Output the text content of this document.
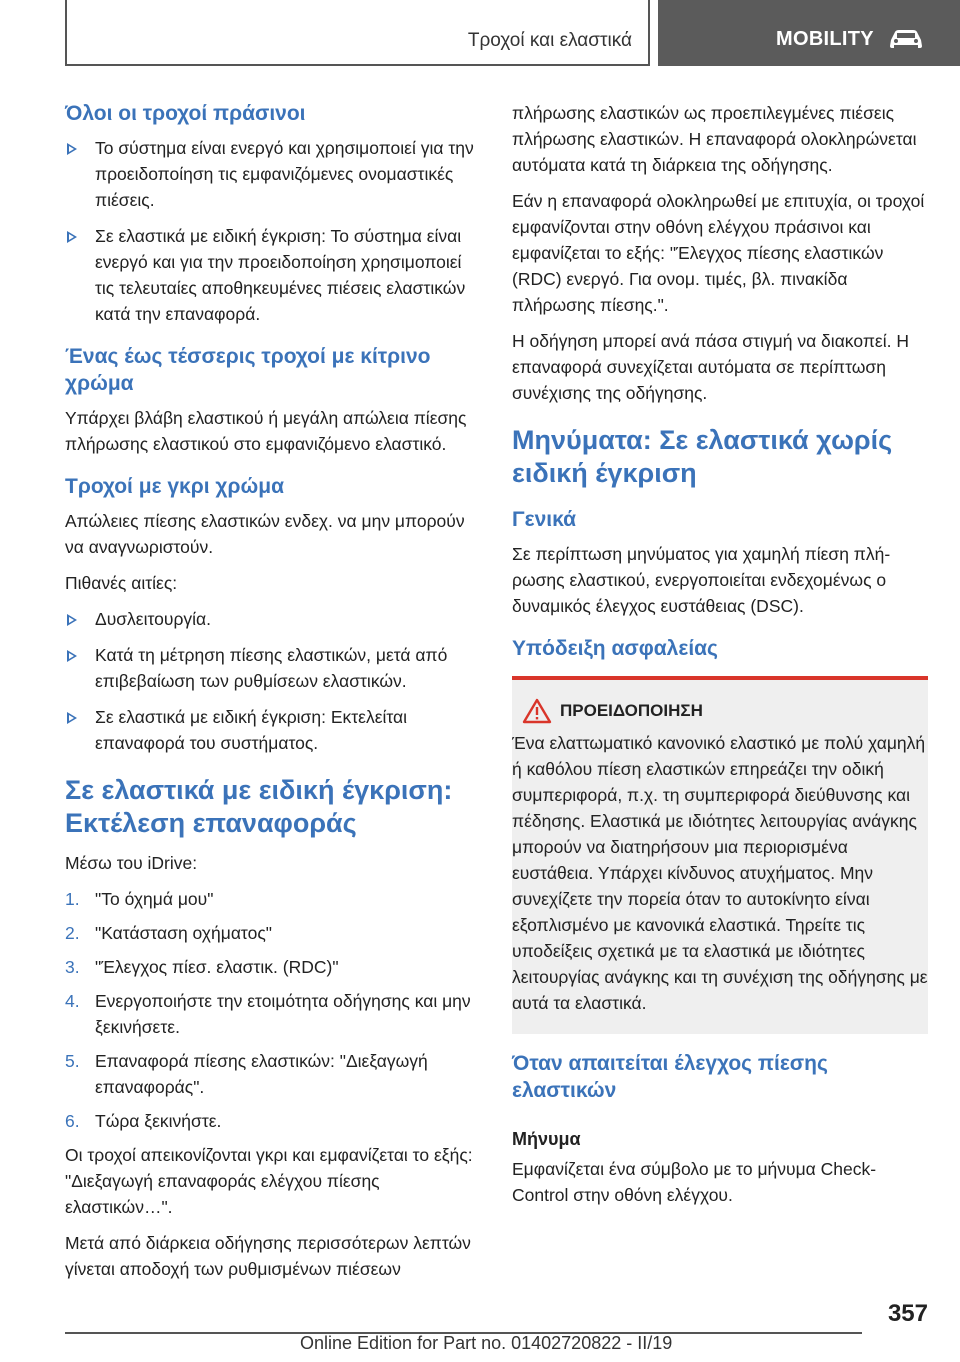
Τροχοί και ελαστικά	MOBILITY
Όλοι οι τροχοί πράσινοι
Το σύστημα είναι ενεργό και χρησιμοποιεί για την προειδοποίηση τις εμφανιζόμενες ονομαστικές πιέσεις.
Σε ελαστικά με ειδική έγκριση: Το σύστημα είναι ενεργό και για την προειδοποίηση χρησιμοποιεί τις τελευταίες αποθηκευμένες πιέσεις ελαστικών κατά την επαναφορά.
Ένας έως τέσσερις τροχοί με κίτρινο χρώμα

Υπάρχει βλάβη ελαστικού ή μεγάλη απώλεια πίεσης πλήρωσης ελαστικού στο εμφανιζόμενο ελαστικό.

Τροχοί με γκρι χρώμα

Απώλειες πίεσης ελαστικών ενδεχ. να μην μπορούν να αναγνωριστούν.

Πιθανές αιτίες:

Δυσλειτουργία.
Κατά τη μέτρηση πίεσης ελαστικών, μετά από επιβεβαίωση των ρυθμίσεων ελαστικών.
Σε ελαστικά με ειδική έγκριση: Εκτελείται επαναφορά του συστήματος.
Σε ελαστικά με ειδική έγκριση: Εκτέλεση επαναφοράς

Μέσω του iDrive:

1. "Το όχημά μου"
2. "Κατάσταση οχήματος"
3. "Έλεγχος πίεσ. ελαστικ. (RDC)"
4. Ενεργοποιήστε την ετοιμότητα οδήγησης και μην ξεκινήσετε.
5. Επαναφορά πίεσης ελαστικών: "Διεξαγωγή επαναφοράς".
6. Τώρα ξεκινήστε.

Οι τροχοί απεικονίζονται γκρι και εμφανίζεται το εξής: "Διεξαγωγή επαναφοράς ελέγχου πίεσης ελαστικών…".

Μετά από διάρκεια οδήγησης περισσότερων λεπτών γίνεται αποδοχή των ρυθμισμένων πιέσεων

πλήρωσης ελαστικών ως προεπιλεγμένες πιέσεις πλήρωσης ελαστικών. Η επαναφορά ολοκληρώνεται αυτόματα κατά τη διάρκεια της οδήγησης.

Εάν η επαναφορά ολοκληρωθεί με επιτυχία, οι τροχοί εμφανίζονται στην οθόνη ελέγχου πράσινοι και εμφανίζεται το εξής: "Έλεγχος πίεσης ελαστικών (RDC) ενεργό. Για ονομ. τιμές, βλ. πινακίδα πλήρωσης πίεσης.".

Η οδήγηση μπορεί ανά πάσα στιγμή να διακοπεί. Η επαναφορά συνεχίζεται αυτόματα σε περίπτωση συνέχισης της οδήγησης.

Μηνύματα: Σε ελαστικά χωρίς ειδική έγκριση
Γενικά

Σε περίπτωση μηνύματος για χαμηλή πίεση πλήρωσης ελαστικού, ενεργοποιείται ενδεχομένως ο δυναμικός έλεγχος ευστάθειας (DSC).

Υπόδειξη ασφαλείας
ΠΡΟΕΙΔΟΠΟΙΗΣΗ

Ένα ελαττωματικό κανονικό ελαστικό με πολύ χαμηλή ή καθόλου πίεση ελαστικών επηρεάζει την οδική συμπεριφορά, π.χ. τη συμπεριφορά διεύθυνσης και πέδησης. Ελαστικά με ιδιότητες λειτουργίας ανάγκης μπορούν να διατηρήσουν μια περιορισμένα ευστάθεια. Υπάρχει κίνδυνος ατυχήματος. Μην συνεχίζετε την πορεία όταν το αυτοκίνητο είναι εξοπλισμένο με κανονικά ελαστικά. Τηρείτε τις υποδείξεις σχετικά με τα ελαστικά με ιδιότητες λειτουργίας ανάγκης και τη συνέχιση της οδήγησης με αυτά τα ελαστικά.

Όταν απαιτείται έλεγχος πίεσης ελαστικών
Μήνυμα

Εμφανίζεται ένα σύμβολο με το μήνυμα Check-Control στην οθόνη ελέγχου.

357
Online Edition for Part no. 01402720822 - II/19
